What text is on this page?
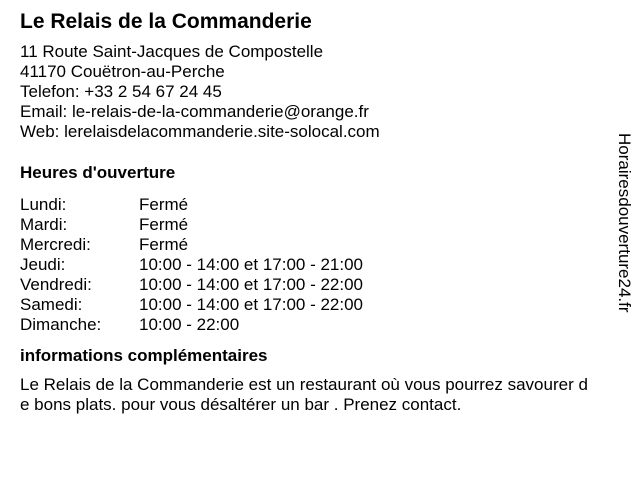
Le Relais de la Commanderie
11 Route Saint-Jacques de Compostelle
41170 Couëtron-au-Perche
Telefon: +33 2 54 67 24 45
Email: le-relais-de-la-commanderie@orange.fr
Web: lerelaisdelacommanderie.site-solocal.com
Heures d'ouverture
Lundi:	Fermé
Mardi:	Fermé
Mercredi:	Fermé
Jeudi:	10:00 - 14:00 et 17:00 - 21:00
Vendredi:	10:00 - 14:00 et 17:00 - 22:00
Samedi:	10:00 - 14:00 et 17:00 - 22:00
Dimanche:	10:00 - 22:00
informations complémentaires
Le Relais de la Commanderie est un restaurant où vous pourrez savourer de bons plats. pour vous désaltérer un bar . Prenez contact.
Horairesdouverture24.fr
